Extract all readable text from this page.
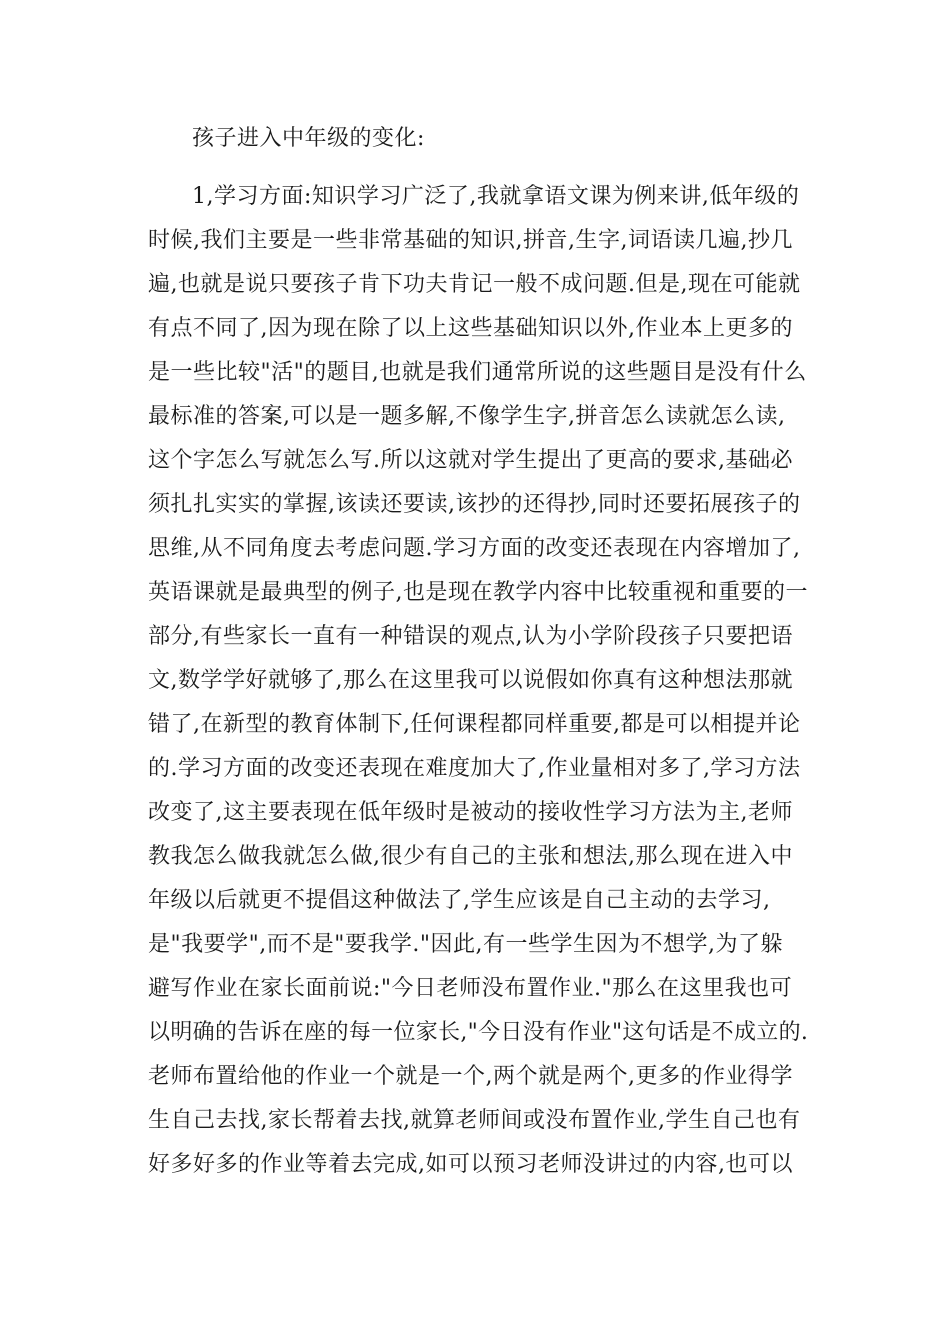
孩子进入中年级的变化:
1,学习方面:知识学习广泛了,我就拿语文课为例来讲,低年级的
时候,我们主要是一些非常基础的知识,拼音,生字,词语读几遍,抄几
遍,也就是说只要孩子肯下功夫肯记一般不成问题.但是,现在可能就
有点不同了,因为现在除了以上这些基础知识以外,作业本上更多的
是一些比较"活"的题目,也就是我们通常所说的这些题目是没有什么
最标准的答案,可以是一题多解,不像学生字,拼音怎么读就怎么读,
这个字怎么写就怎么写.所以这就对学生提出了更高的要求,基础必
须扎扎实实的掌握,该读还要读,该抄的还得抄,同时还要拓展孩子的
思维,从不同角度去考虑问题.学习方面的改变还表现在内容增加了,
英语课就是最典型的例子,也是现在教学内容中比较重视和重要的一
部分,有些家长一直有一种错误的观点,认为小学阶段孩子只要把语
文,数学学好就够了,那么在这里我可以说假如你真有这种想法那就
错了,在新型的教育体制下,任何课程都同样重要,都是可以相提并论
的.学习方面的改变还表现在难度加大了,作业量相对多了,学习方法
改变了,这主要表现在低年级时是被动的接收性学习方法为主,老师
教我怎么做我就怎么做,很少有自己的主张和想法,那么现在进入中
年级以后就更不提倡这种做法了,学生应该是自己主动的去学习,
是"我要学",而不是"要我学."因此,有一些学生因为不想学,为了躲
避写作业在家长面前说:"今日老师没布置作业."那么在这里我也可
以明确的告诉在座的每一位家长,"今日没有作业"这句话是不成立的.
老师布置给他的作业一个就是一个,两个就是两个,更多的作业得学
生自己去找,家长帮着去找,就算老师间或没布置作业,学生自己也有
好多好多的作业等着去完成,如可以预习老师没讲过的内容,也可以
